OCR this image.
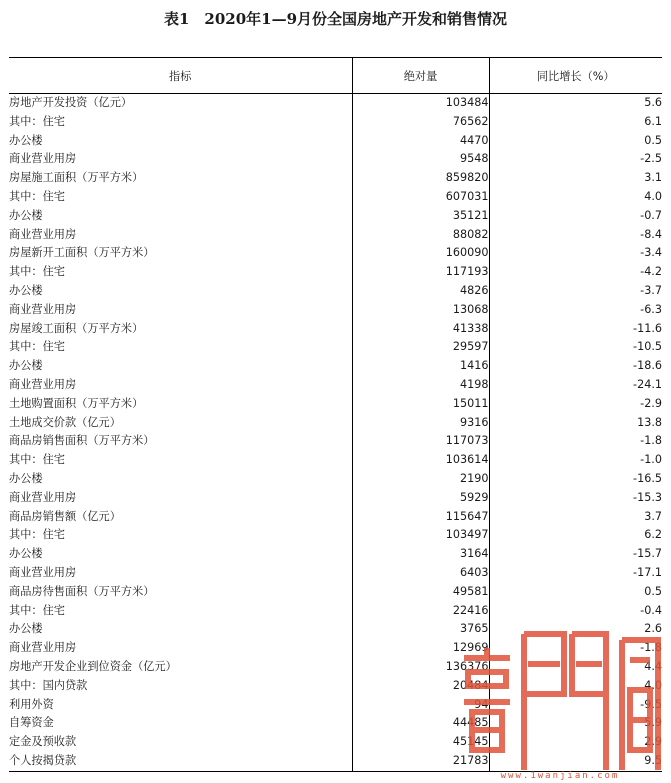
表1　2020年1—9月份全国房地产开发和销售情况
指标	绝对量	同比增长（%）
房地产开发投资（亿元）	103484	5.6
其中：住宅	76562	6.1
办公楼	4470	0.5
商业营业用房	9548	-2.5
房屋施工面积（万平方米）	859820	3.1
其中：住宅	607031	4.0
办公楼	35121	-0.7
商业营业用房	88082	-8.4
房屋新开工面积（万平方米）	160090	-3.4
其中：住宅	117193	-4.2
办公楼	4826	-3.7
商业营业用房	13068	-6.3
房屋竣工面积（万平方米）	41338	-11.6
其中：住宅	29597	-10.5
办公楼	1416	-18.6
商业营业用房	4198	-24.1
土地购置面积（万平方米）	15011	-2.9
土地成交价款（亿元）	9316	13.8
商品房销售面积（万平方米）	117073	-1.8
其中：住宅	103614	-1.0
办公楼	2190	-16.5
商业营业用房	5929	-15.3
商品房销售额（亿元）	115647	3.7
其中：住宅	103497	6.2
办公楼	3164	-15.7
商业营业用房	6403	-17.1
商品房待售面积（万平方米）	49581	0.5
其中：住宅	22416	-0.4
办公楼	3765	2.6
商业营业用房	12969	-1.8
房地产开发企业到位资金（亿元）	136376	4.4
其中：国内贷款	20484	4.0
利用外资	94	-9.5
自筹资金	44485	5.9
定金及预收款	45145	2.9
个人按揭贷款	21783	9.5
www.1wanjian.com
